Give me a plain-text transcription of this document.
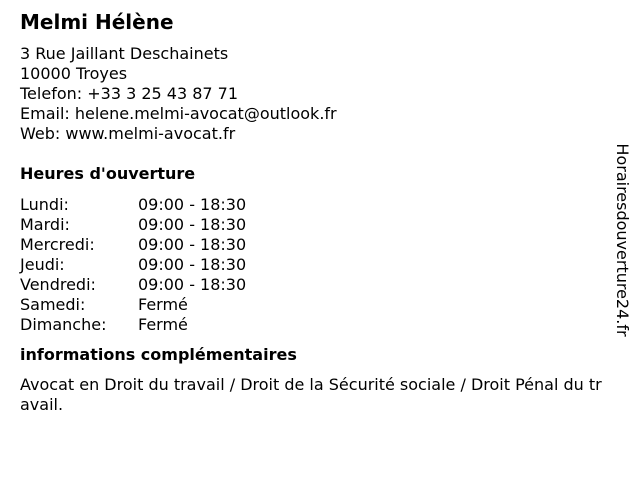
Melmi Hélène
3 Rue Jaillant Deschainets
10000 Troyes
Telefon: +33 3 25 43 87 71
Email: helene.melmi-avocat@outlook.fr
Web: www.melmi-avocat.fr
Heures d'ouverture
Lundi:	09:00 - 18:30
Mardi:	09:00 - 18:30
Mercredi:	09:00 - 18:30
Jeudi:	09:00 - 18:30
Vendredi:	09:00 - 18:30
Samedi:	Fermé
Dimanche:	Fermé
informations complémentaires
Avocat en Droit du travail / Droit de la Sécurité sociale / Droit Pénal du travail.
Horairesdouverture24.fr
